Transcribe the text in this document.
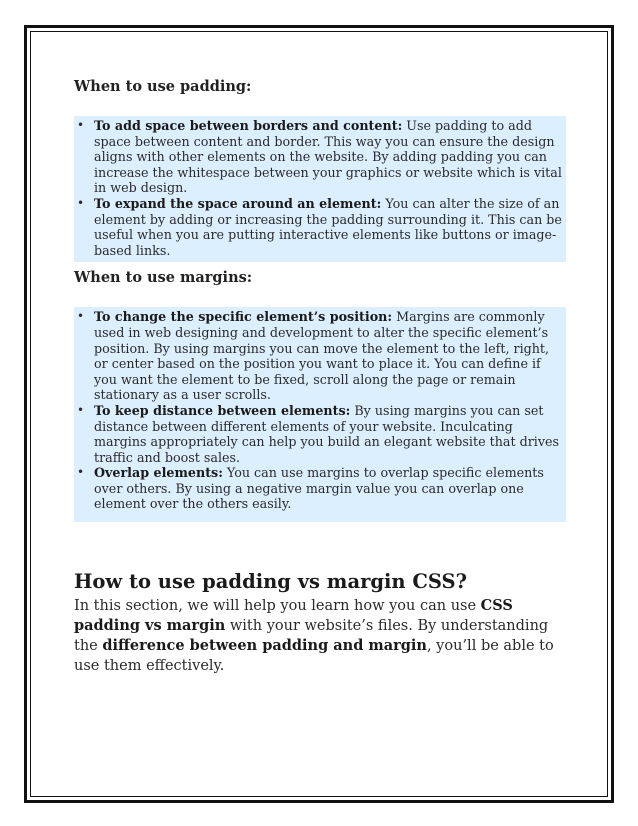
When to use padding:
• To add space between borders and content: Use padding to add space between content and border. This way you can ensure the design aligns with other elements on the website. By adding padding you can increase the whitespace between your graphics or website which is vital in web design.
• To expand the space around an element: You can alter the size of an element by adding or increasing the padding surrounding it. This can be useful when you are putting interactive elements like buttons or image-based links.
When to use margins:
• To change the specific element’s position: Margins are commonly used in web designing and development to alter the specific element’s position. By using margins you can move the element to the left, right, or center based on the position you want to place it. You can define if you want the element to be fixed, scroll along the page or remain stationary as a user scrolls.
• To keep distance between elements: By using margins you can set distance between different elements of your website. Inculcating margins appropriately can help you build an elegant website that drives traffic and boost sales.
• Overlap elements: You can use margins to overlap specific elements over others. By using a negative margin value you can overlap one element over the others easily.
How to use padding vs margin CSS?

In this section, we will help you learn how you can use CSS padding vs margin with your website’s files. By understanding the difference between padding and margin, you’ll be able to use them effectively.
